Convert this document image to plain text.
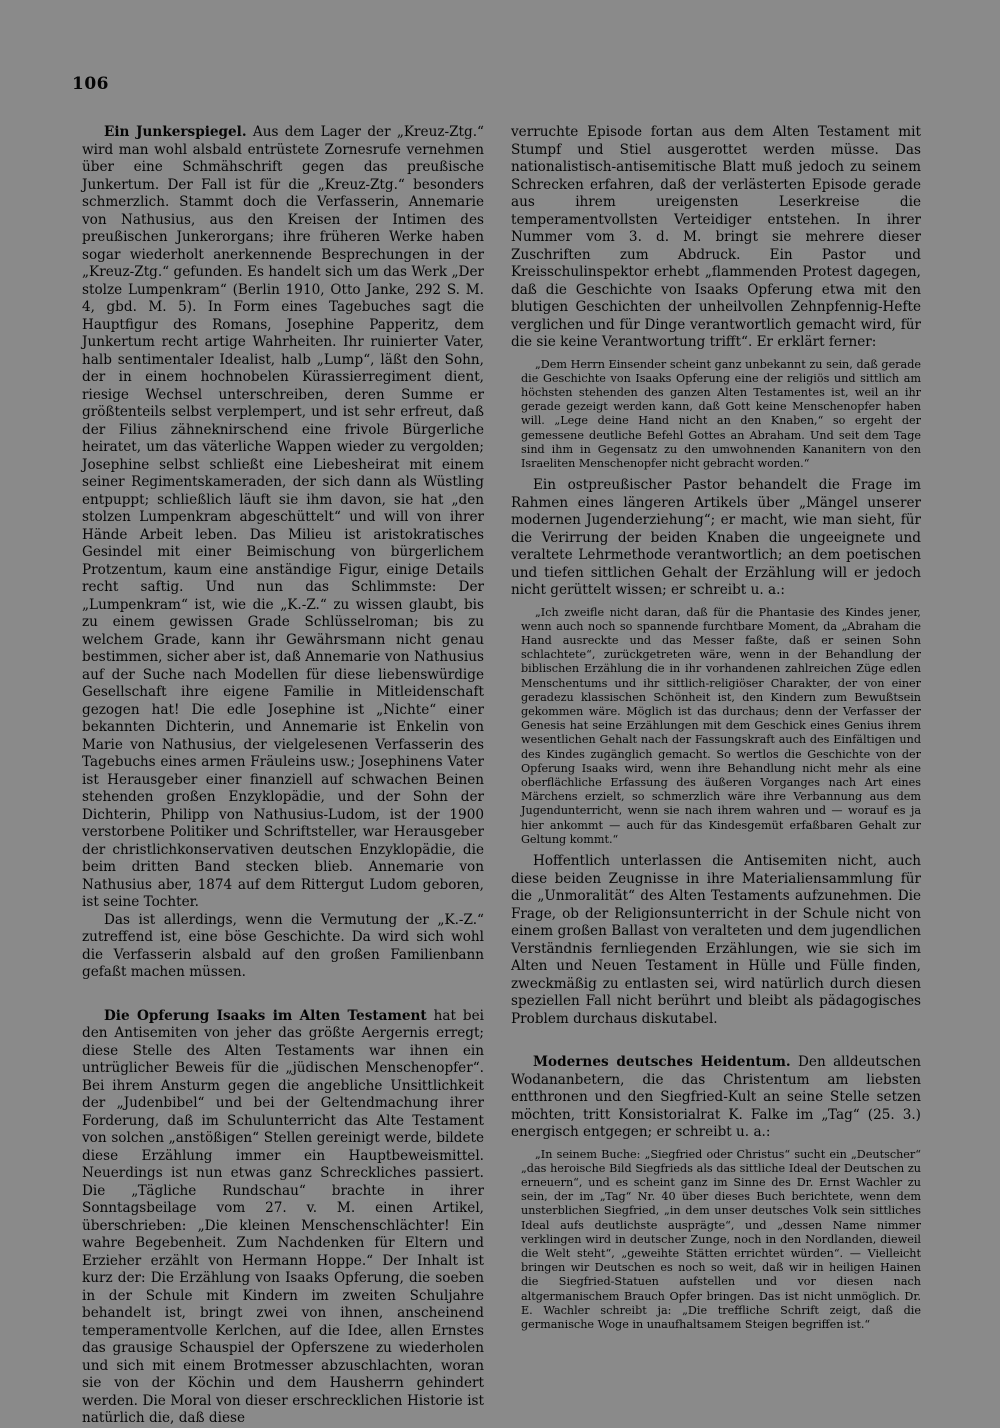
106

Ein Junkerspiegel. Aus dem Lager der „Kreuz-Ztg.“ wird man wohl alsbald entrüstete Zornesrufe vernehmen über eine Schmähschrift gegen das preußische Junkertum. Der Fall ist für die „Kreuz-Ztg.“ besonders schmerzlich. Stammt doch die Verfasserin, Annemarie von Nathusius, aus den Kreisen der Intimen des preußischen Junkerorgans; ihre früheren Werke haben sogar wiederholt anerkennende Besprechungen in der „Kreuz-Ztg.“ gefunden. Es handelt sich um das Werk „Der stolze Lumpenkram“ (Berlin 1910, Otto Janke, 292 S. M. 4, gbd. M. 5). In Form eines Tagebuches sagt die Hauptfigur des Romans, Josephine Papperitz, dem Junkertum recht artige Wahrheiten. Ihr ruinierter Vater, halb sentimentaler Idealist, halb „Lump“, läßt den Sohn, der in einem hochnobelen Kürassierregiment dient, riesige Wechsel unterschreiben, deren Summe er größtenteils selbst verplempert, und ist sehr erfreut, daß der Filius zähneknirschend eine frivole Bürgerliche heiratet, um das väterliche Wappen wieder zu vergolden; Josephine selbst schließt eine Liebesheirat mit einem seiner Regimentskameraden, der sich dann als Wüstling entpuppt; schließlich läuft sie ihm davon, sie hat „den stolzen Lumpenkram abgeschüttelt“ und will von ihrer Hände Arbeit leben. Das Milieu ist aristokratisches Gesindel mit einer Beimischung von bürgerlichem Protzentum, kaum eine anständige Figur, einige Details recht saftig. Und nun das Schlimmste: Der „Lumpenkram“ ist, wie die „K.-Z.“ zu wissen glaubt, bis zu einem gewissen Grade Schlüsselroman; bis zu welchem Grade, kann ihr Gewährsmann nicht genau bestimmen, sicher aber ist, daß Annemarie von Nathusius auf der Suche nach Modellen für diese liebenswürdige Gesellschaft ihre eigene Familie in Mitleidenschaft gezogen hat! Die edle Josephine ist „Nichte“ einer bekannten Dichterin, und Annemarie ist Enkelin von Marie von Nathusius, der vielgelesenen Verfasserin des Tagebuchs eines armen Fräuleins usw.; Josephinens Vater ist Herausgeber einer finanziell auf schwachen Beinen stehenden großen Enzyklopädie, und der Sohn der Dichterin, Philipp von Nathusius-Ludom, ist der 1900 verstorbene Politiker und Schriftsteller, war Herausgeber der christlichkonservativen deutschen Enzyklopädie, die beim dritten Band stecken blieb. Annemarie von Nathusius aber, 1874 auf dem Rittergut Ludom geboren, ist seine Tochter.

Das ist allerdings, wenn die Vermutung der „K.-Z.“ zutreffend ist, eine böse Geschichte. Da wird sich wohl die Verfasserin alsbald auf den großen Familienbann gefaßt machen müssen.

Die Opferung Isaaks im Alten Testament hat bei den Antisemiten von jeher das größte Aergernis erregt; diese Stelle des Alten Testaments war ihnen ein untrüglicher Beweis für die „jüdischen Menschenopfer“. Bei ihrem Ansturm gegen die angebliche Unsittlichkeit der „Judenbibel“ und bei der Geltendmachung ihrer Forderung, daß im Schulunterricht das Alte Testament von solchen „anstößigen“ Stellen gereinigt werde, bildete diese Erzählung immer ein Hauptbeweismittel. Neuerdings ist nun etwas ganz Schreckliches passiert. Die „Tägliche Rundschau“ brachte in ihrer Sonntagsbeilage vom 27. v. M. einen Artikel, überschrieben: „Die kleinen Menschenschlächter! Ein wahre Begebenheit. Zum Nachdenken für Eltern und Erzieher erzählt von Hermann Hoppe.“ Der Inhalt ist kurz der: Die Erzählung von Isaaks Opferung, die soeben in der Schule mit Kindern im zweiten Schuljahre behandelt ist, bringt zwei von ihnen, anscheinend temperamentvolle Kerlchen, auf die Idee, allen Ernstes das grausige Schauspiel der Opferszene zu wiederholen und sich mit einem Brotmesser abzuschlachten, woran sie von der Köchin und dem Hausherrn gehindert werden. Die Moral von dieser erschrecklichen Historie ist natürlich die, daß diese

verruchte Episode fortan aus dem Alten Testament mit Stumpf und Stiel ausgerottet werden müsse. Das nationalistisch-antisemitische Blatt muß jedoch zu seinem Schrecken erfahren, daß der verlästerten Episode gerade aus ihrem ureigensten Leserkreise die temperamentvollsten Verteidiger entstehen. In ihrer Nummer vom 3. d. M. bringt sie mehrere dieser Zuschriften zum Abdruck. Ein Pastor und Kreisschulinspektor erhebt „flammenden Protest dagegen, daß die Geschichte von Isaaks Opferung etwa mit den blutigen Geschichten der unheilvollen Zehnpfennig-Hefte verglichen und für Dinge verantwortlich gemacht wird, für die sie keine Verantwortung trifft“. Er erklärt ferner:

„Dem Herrn Einsender scheint ganz unbekannt zu sein, daß gerade die Geschichte von Isaaks Opferung eine der religiös und sittlich am höchsten stehenden des ganzen Alten Testamentes ist, weil an ihr gerade gezeigt werden kann, daß Gott keine Menschenopfer haben will. „Lege deine Hand nicht an den Knaben,“ so ergeht der gemessene deutliche Befehl Gottes an Abraham. Und seit dem Tage sind ihm in Gegensatz zu den umwohnenden Kananitern von den Israeliten Menschenopfer nicht gebracht worden.“

Ein ostpreußischer Pastor behandelt die Frage im Rahmen eines längeren Artikels über „Mängel unserer modernen Jugenderziehung“; er macht, wie man sieht, für die Verirrung der beiden Knaben die ungeeignete und veraltete Lehrmethode verantwortlich; an dem poetischen und tiefen sittlichen Gehalt der Erzählung will er jedoch nicht gerüttelt wissen; er schreibt u. a.:

„Ich zweifle nicht daran, daß für die Phantasie des Kindes jener, wenn auch noch so spannende furchtbare Moment, da „Abraham die Hand ausreckte und das Messer faßte, daß er seinen Sohn schlachtete“, zurückgetreten wäre, wenn in der Behandlung der biblischen Erzählung die in ihr vorhandenen zahlreichen Züge edlen Menschentums und ihr sittlich-religiöser Charakter, der von einer geradezu klassischen Schönheit ist, den Kindern zum Bewußtsein gekommen wäre. Möglich ist das durchaus; denn der Verfasser der Genesis hat seine Erzählungen mit dem Geschick eines Genius ihrem wesentlichen Gehalt nach der Fassungskraft auch des Einfältigen und des Kindes zugänglich gemacht. So wertlos die Geschichte von der Opferung Isaaks wird, wenn ihre Behandlung nicht mehr als eine oberflächliche Erfassung des äußeren Vorganges nach Art eines Märchens erzielt, so schmerzlich wäre ihre Verbannung aus dem Jugendunterricht, wenn sie nach ihrem wahren und — worauf es ja hier ankommt — auch für das Kindesgemüt erfaßbaren Gehalt zur Geltung kommt.“

Hoffentlich unterlassen die Antisemiten nicht, auch diese beiden Zeugnisse in ihre Materialiensammlung für die „Unmoralität“ des Alten Testaments aufzunehmen. Die Frage, ob der Religionsunterricht in der Schule nicht von einem großen Ballast von veralteten und dem jugendlichen Verständnis fernliegenden Erzählungen, wie sie sich im Alten und Neuen Testament in Hülle und Fülle finden, zweckmäßig zu entlasten sei, wird natürlich durch diesen speziellen Fall nicht berührt und bleibt als pädagogisches Problem durchaus diskutabel.

Modernes deutsches Heidentum. Den alldeutschen Wodananbetern, die das Christentum am liebsten entthronen und den Siegfried-Kult an seine Stelle setzen möchten, tritt Konsistorialrat K. Falke im „Tag“ (25. 3.) energisch entgegen; er schreibt u. a.:

„In seinem Buche: „Siegfried oder Christus“ sucht ein „Deutscher“ „das heroische Bild Siegfrieds als das sittliche Ideal der Deutschen zu erneuern“, und es scheint ganz im Sinne des Dr. Ernst Wachler zu sein, der im „Tag“ Nr. 40 über dieses Buch berichtete, wenn dem unsterblichen Siegfried, „in dem unser deutsches Volk sein sittliches Ideal aufs deutlichste ausprägte“, und „dessen Name nimmer verklingen wird in deutscher Zunge, noch in den Nordlanden, dieweil die Welt steht“, „geweihte Stätten errichtet würden“. — Vielleicht bringen wir Deutschen es noch so weit, daß wir in heiligen Hainen die Siegfried-Statuen aufstellen und vor diesen nach altgermanischem Brauch Opfer bringen. Das ist nicht unmöglich. Dr. E. Wachler schreibt ja: „Die treffliche Schrift zeigt, daß die germanische Woge in unaufhaltsamem Steigen begriffen ist.“
